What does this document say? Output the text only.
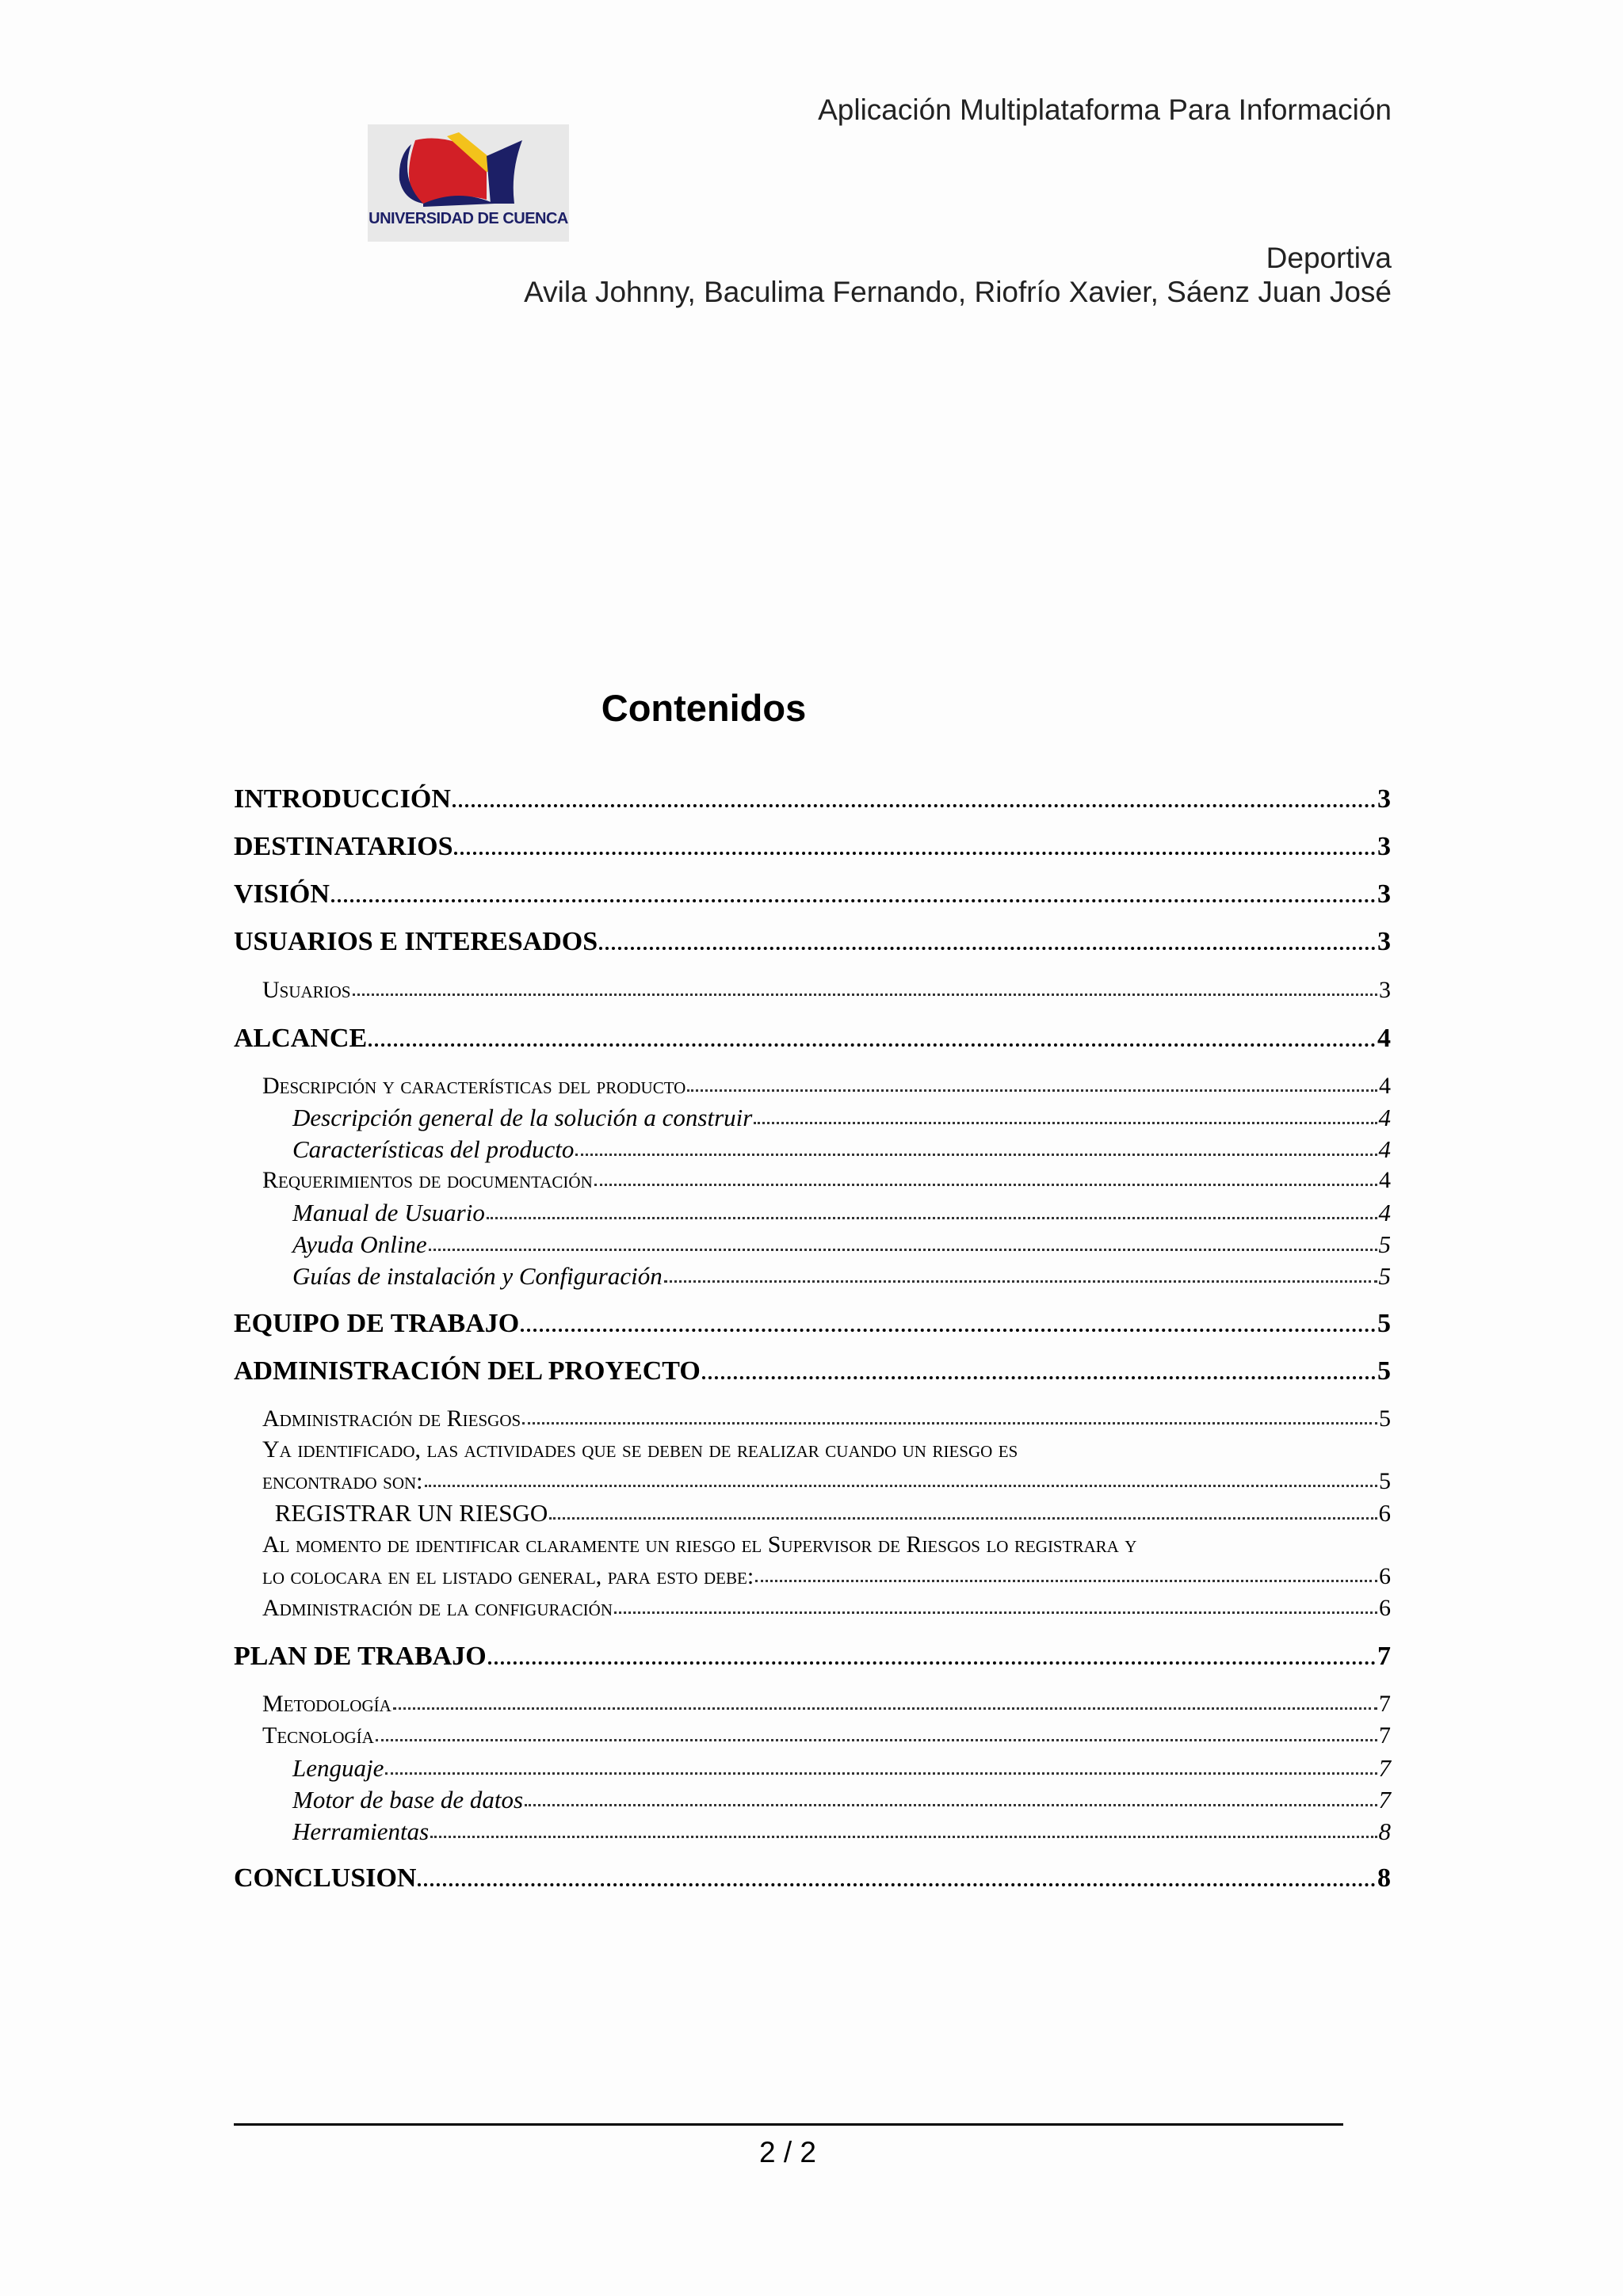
Aplicación Multiplataforma Para Información
UNIVERSIDAD DE CUENCA
Deportiva
Avila Johnny, Baculima Fernando, Riofrío Xavier, Sáenz Juan José
Contenidos
INTRODUCCIÓN	3
DESTINATARIOS	3
VISIÓN	3
USUARIOS E INTERESADOS	3
Usuarios	3
ALCANCE	4
Descripción y características del producto	4
Descripción general de la solución a construir	4
Características del producto	4
Requerimientos de documentación	4
Manual de Usuario	4
Ayuda Online	5
Guías de instalación y Configuración	5
EQUIPO DE TRABAJO	5
ADMINISTRACIÓN DEL PROYECTO	5
Administración de Riesgos	5
Ya identificado, las actividades que se deben de realizar cuando un riesgo es
encontrado son:	5
REGISTRAR UN RIESGO	6
Al momento de identificar claramente un riesgo el Supervisor de Riesgos lo registrara y
lo colocara en el listado general, para esto debe:	6
Administración de la configuración	6
PLAN DE TRABAJO	7
Metodología	7
Tecnología	7
Lenguaje	7
Motor de base de datos	7
Herramientas	8
CONCLUSION	8
2 / 2
